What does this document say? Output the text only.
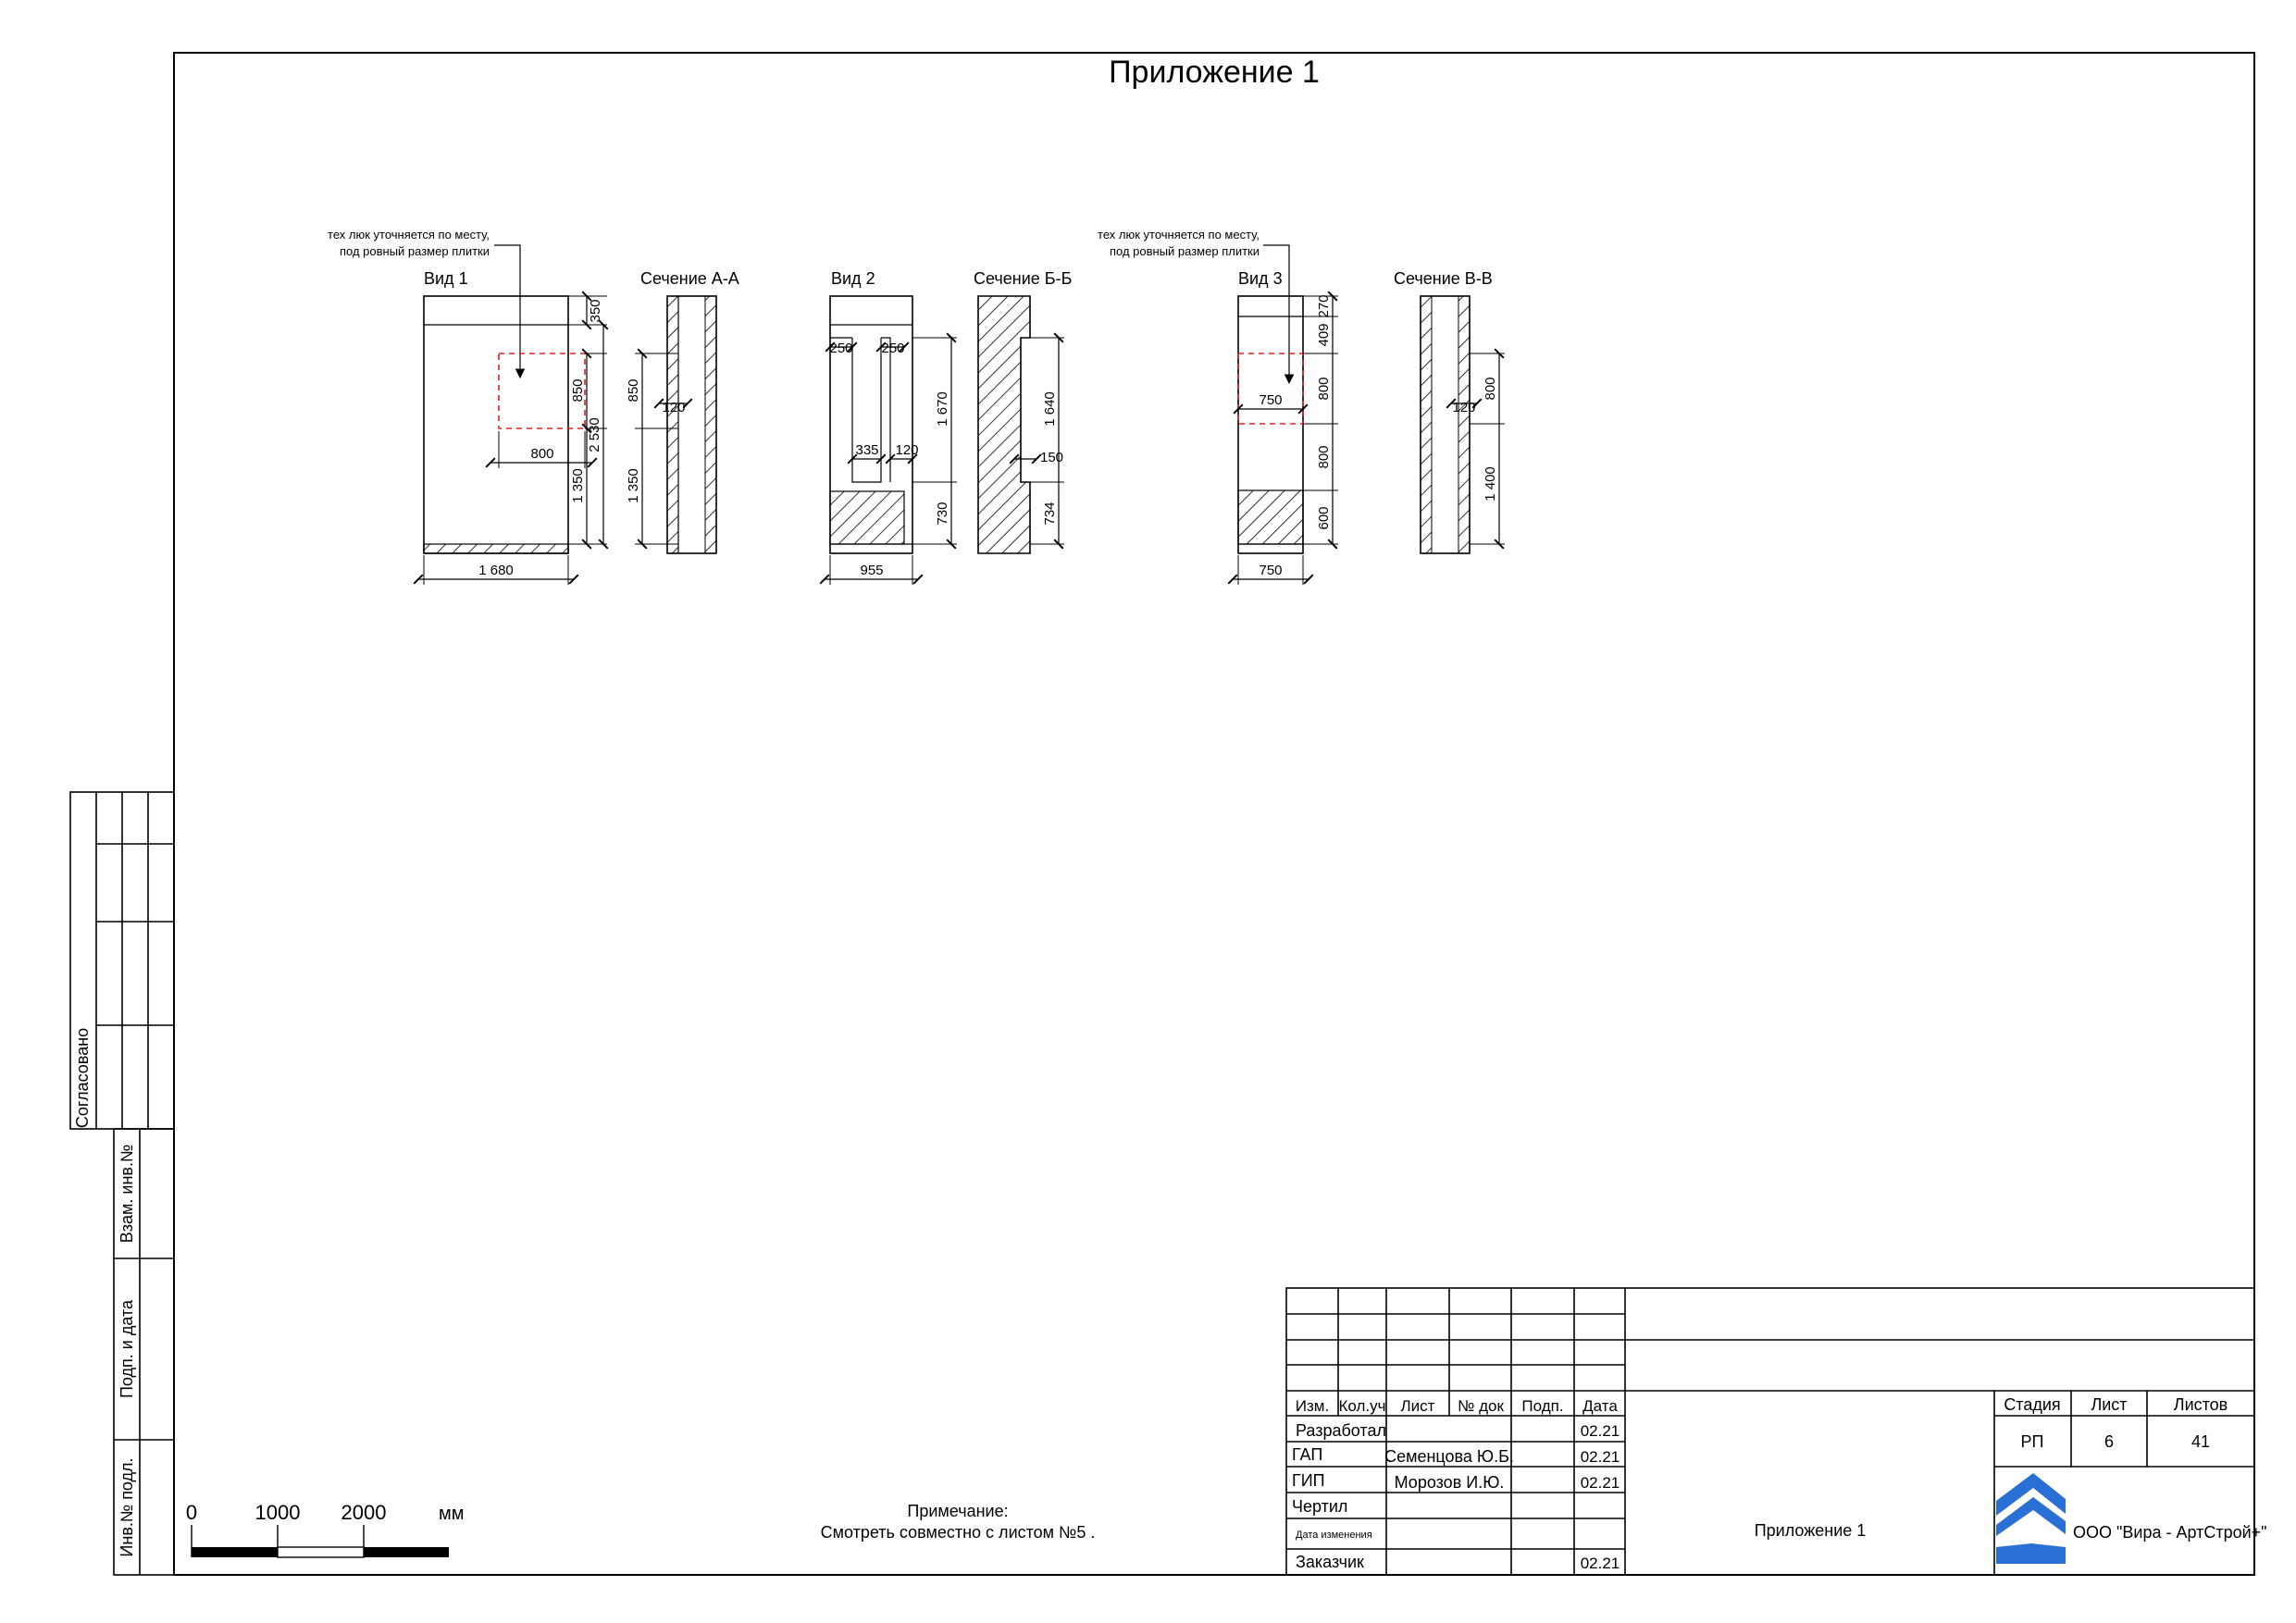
Приложение 1
тех люк уточняется по месту,
под ровный размер плитки
Вид 1
350
850
2 530
1 350
800
1 680
Сечение А-А
850
1 350
120
Вид 2
250 250
335 120
1 670
730
955
Сечение Б-Б
1 640
734
150
тех люк уточняется по месту,
под ровный размер плитки
Вид 3
270
409
800
800
600
750
750
Сечение В-В
800
1 400
120
Согласовано
Взам. инв.№
Подп. и дата
Инв.№ подл. 0	1000 2000	мм	Примечание:
Смотреть совместно с листом №5 .
Изм. Кол.уч Лист № док Подп. Дата
Разработал	02.21
ГАП	Семенцова Ю.Б.	02.21
ГИП	Морозов И.Ю.	02.21
Чертил
Дата изменения
Заказчик	02.21
Стадия Лист	Листов
РП	6	41
Приложение 1	ООО "Вира - АртСтрой+"
